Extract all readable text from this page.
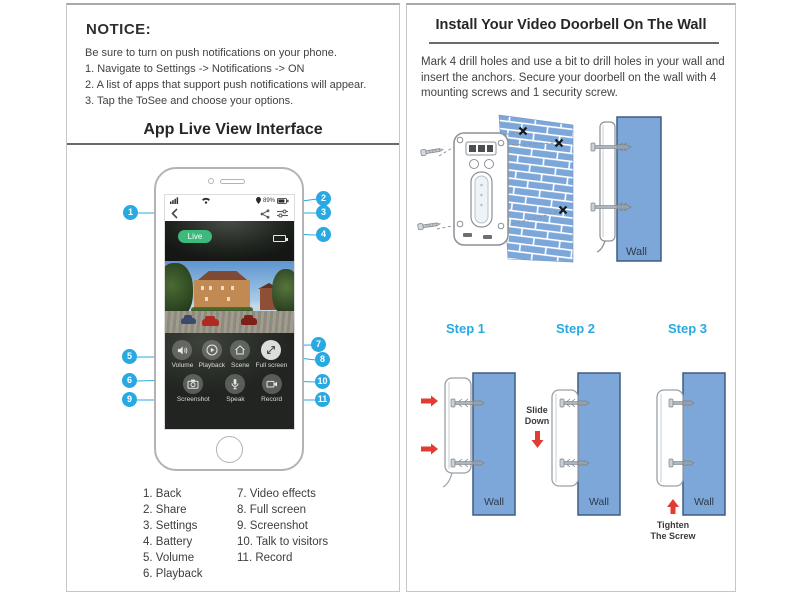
NOTICE:
Be sure to turn on push notifications on your phone.
1. Navigate to Settings -> Notifications -> ON
2. A list of apps that support push notifications will appear.
3. Tap the ToSee and choose your options.
App Live View Interface
89%
Live
Volume Playback Scene Full screen
Screenshot	Speak	Record
1
2
3
4
5
6
7
8
9
10
11
1. Back
2. Share
3. Settings
4. Battery
5. Volume
6. Playback
7. Video effects
8. Full screen
9. Screenshot
10. Talk to visitors
11. Record
Install Your Video Doorbell On The Wall

Mark 4 drill holes and use a bit to drill holes in your wall and insert the anchors. Secure your doorbell on the wall with 4 mounting screws and 1 security screw.

Wall
Step 1
Wall
Step 2
Wall
Slide
Down
Step 3
Wall
Tighten
The Screw
